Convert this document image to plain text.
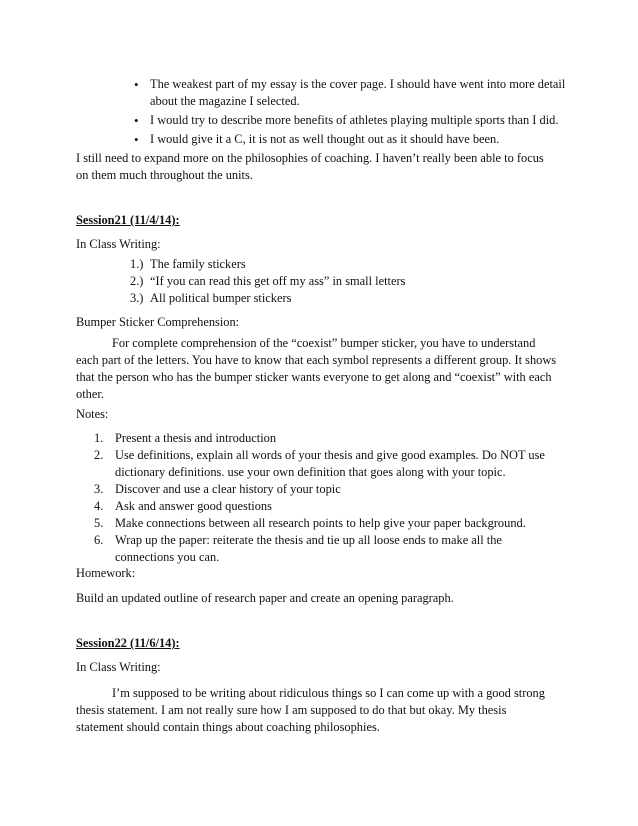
• The weakest part of my essay is the cover page. I should have went into more detail about the magazine I selected.
• I would try to describe more benefits of athletes playing multiple sports than I did.
• I would give it a C, it is not as well thought out as it should have been.

I still need to expand more on the philosophies of coaching. I haven’t really been able to focus on them much throughout the units.

Session21 (11/4/14):

In Class Writing:

1.) The family stickers
2.) “If you can read this get off my ass” in small letters
3.) All political bumper stickers

Bumper Sticker Comprehension:

For complete comprehension of the “coexist” bumper sticker, you have to understand each part of the letters. You have to know that each symbol represents a different group. It shows that the person who has the bumper sticker wants everyone to get along and “coexist” with each other.

Notes:

1. Present a thesis and introduction
2. Use definitions, explain all words of your thesis and give good examples. Do NOT use dictionary definitions. use your own definition that goes along with your topic.
3. Discover and use a clear history of your topic
4. Ask and answer good questions
5. Make connections between all research points to help give your paper background.
6. Wrap up the paper: reiterate the thesis and tie up all loose ends to make all the connections you can.

Homework:

Build an updated outline of research paper and create an opening paragraph.

Session22 (11/6/14):

In Class Writing:

I’m supposed to be writing about ridiculous things so I can come up with a good strong thesis statement. I am not really sure how I am supposed to do that but okay. My thesis statement should contain things about coaching philosophies.
